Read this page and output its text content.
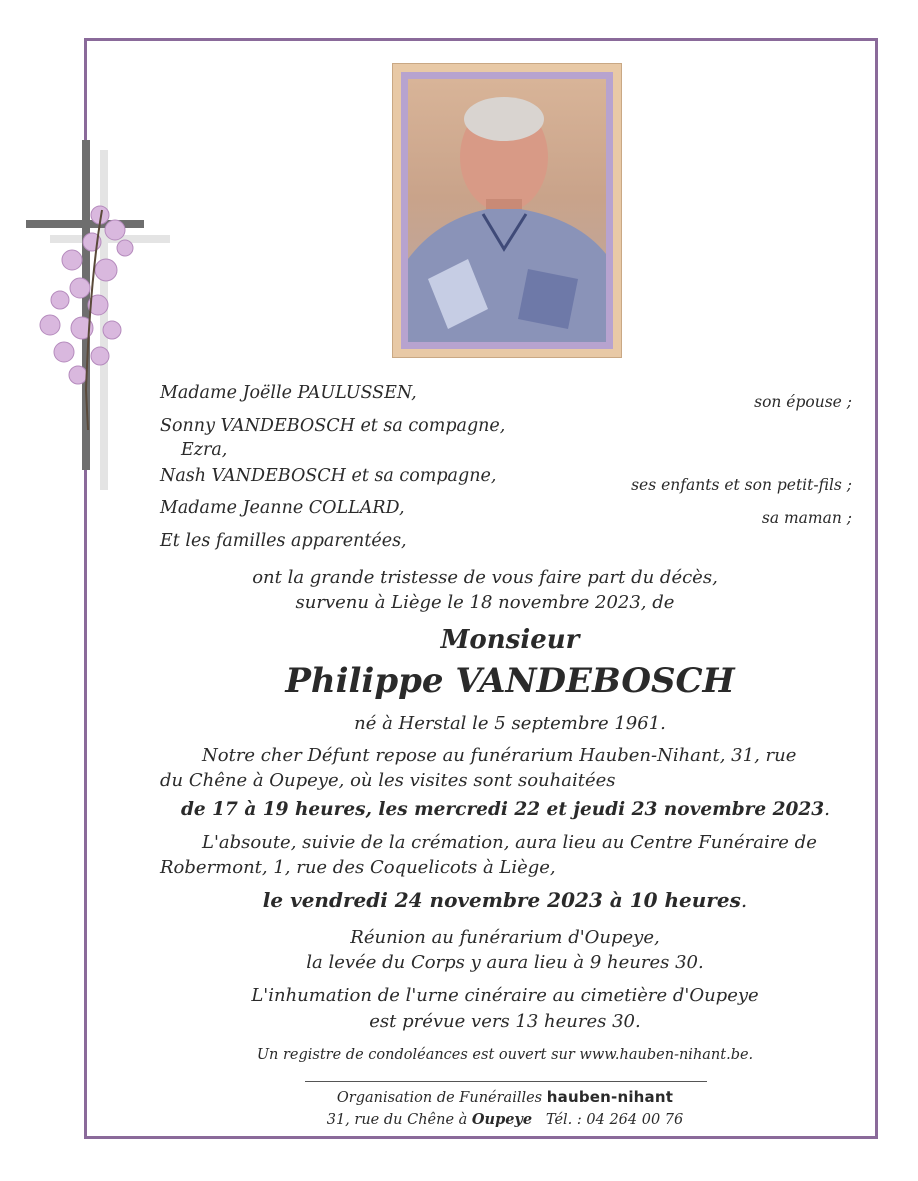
Madame Joëlle PAULUSSEN,
Sonny VANDEBOSCH et sa compagne,
Ezra,
Nash VANDEBOSCH et sa compagne,
Madame Jeanne COLLARD,
Et les familles apparentées,
son épouse ;
ses enfants et son petit-fils ;
sa maman ;
ont la grande tristesse de vous faire part du décès,
survenu à Liège le 18 novembre 2023, de
Monsieur
Philippe VANDEBOSCH
né à Herstal le 5 septembre 1961.
Notre cher Défunt repose au funérarium Hauben-Nihant, 31, rue
du Chêne à Oupeye, où les visites sont souhaitées
de 17 à 19 heures, les mercredi 22 et jeudi 23 novembre 2023.
L'absoute, suivie de la crémation, aura lieu au Centre Funéraire de
Robermont, 1, rue des Coquelicots à Liège,
le vendredi 24 novembre 2023 à 10 heures.
Réunion au funérarium d'Oupeye,
la levée du Corps y aura lieu à 9 heures 30.
L'inhumation de l'urne cinéraire au cimetière d'Oupeye
est prévue vers 13 heures 30.
Un registre de condoléances est ouvert sur www.hauben-nihant.be.
Organisation de Funérailles hauben-nihant
31, rue du Chêne à Oupeye Tél. : 04 264 00 76
